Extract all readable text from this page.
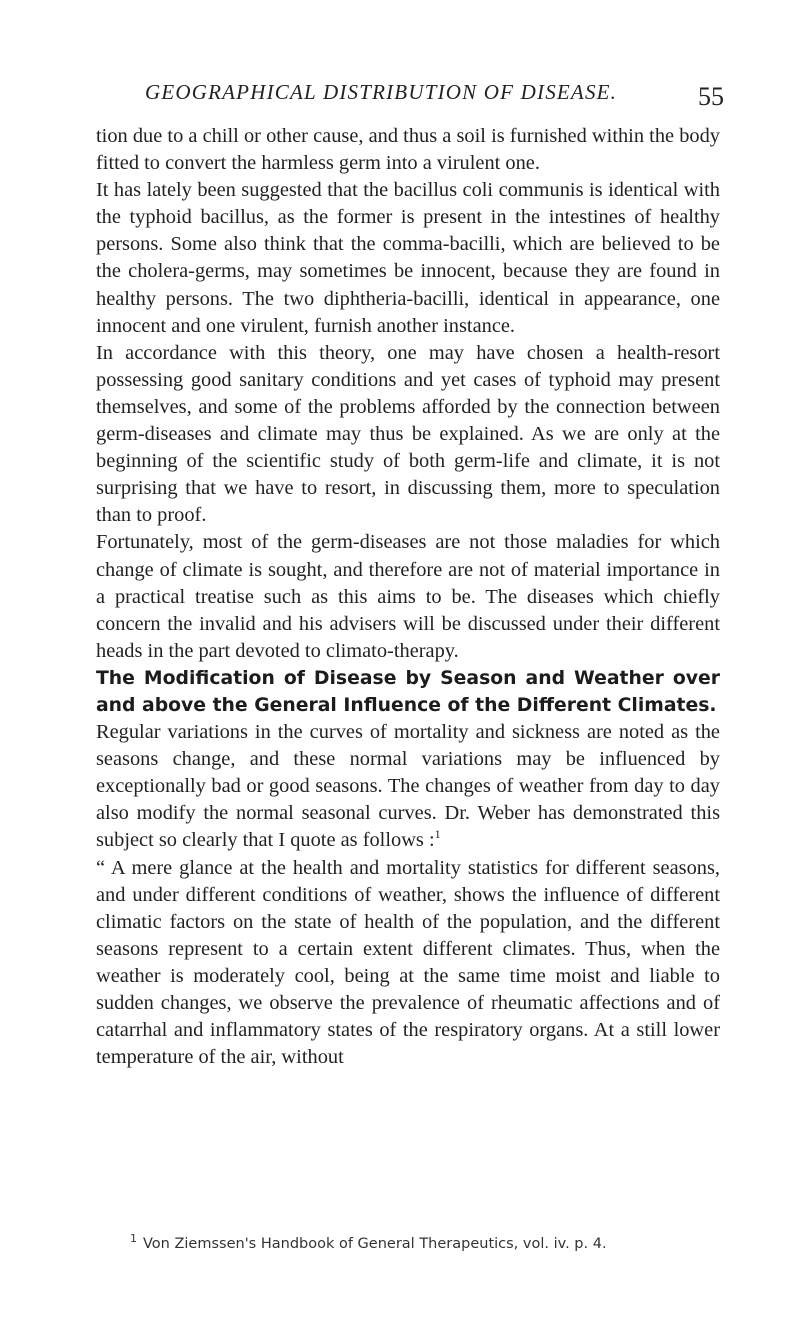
GEOGRAPHICAL DISTRIBUTION OF DISEASE.	55

tion due to a chill or other cause, and thus a soil is furnished within the body fitted to convert the harmless germ into a virulent one.

It has lately been suggested that the bacillus coli communis is identical with the typhoid bacillus, as the former is present in the intestines of healthy persons. Some also think that the comma-bacilli, which are believed to be the cholera-germs, may sometimes be innocent, because they are found in healthy persons. The two diphtheria-bacilli, identical in appearance, one innocent and one virulent, furnish another instance.

In accordance with this theory, one may have chosen a health-resort possessing good sanitary conditions and yet cases of typhoid may present themselves, and some of the problems afforded by the connection between germ-diseases and climate may thus be explained. As we are only at the beginning of the scientific study of both germ-life and climate, it is not surprising that we have to resort, in discussing them, more to speculation than to proof.

Fortunately, most of the germ-diseases are not those maladies for which change of climate is sought, and therefore are not of material importance in a practical treatise such as this aims to be. The diseases which chiefly concern the invalid and his advisers will be discussed under their different heads in the part devoted to climato-therapy.

The Modification of Disease by Season and Weather over and above the General Influence of the Different Climates.

Regular variations in the curves of mortality and sickness are noted as the seasons change, and these normal variations may be influenced by exceptionally bad or good seasons. The changes of weather from day to day also modify the normal seasonal curves. Dr. Weber has demonstrated this subject so clearly that I quote as follows :$^1$

“ A mere glance at the health and mortality statistics for different seasons, and under different conditions of weather, shows the influence of different climatic factors on the state of health of the population, and the different seasons represent to a certain extent different climates. Thus, when the weather is moderately cool, being at the same time moist and liable to sudden changes, we observe the prevalence of rheumatic affections and of catarrhal and inflammatory states of the respiratory organs. At a still lower temperature of the air, without

$^1$ Von Ziemssen's Handbook of General Therapeutics, vol. iv. p. 4.
